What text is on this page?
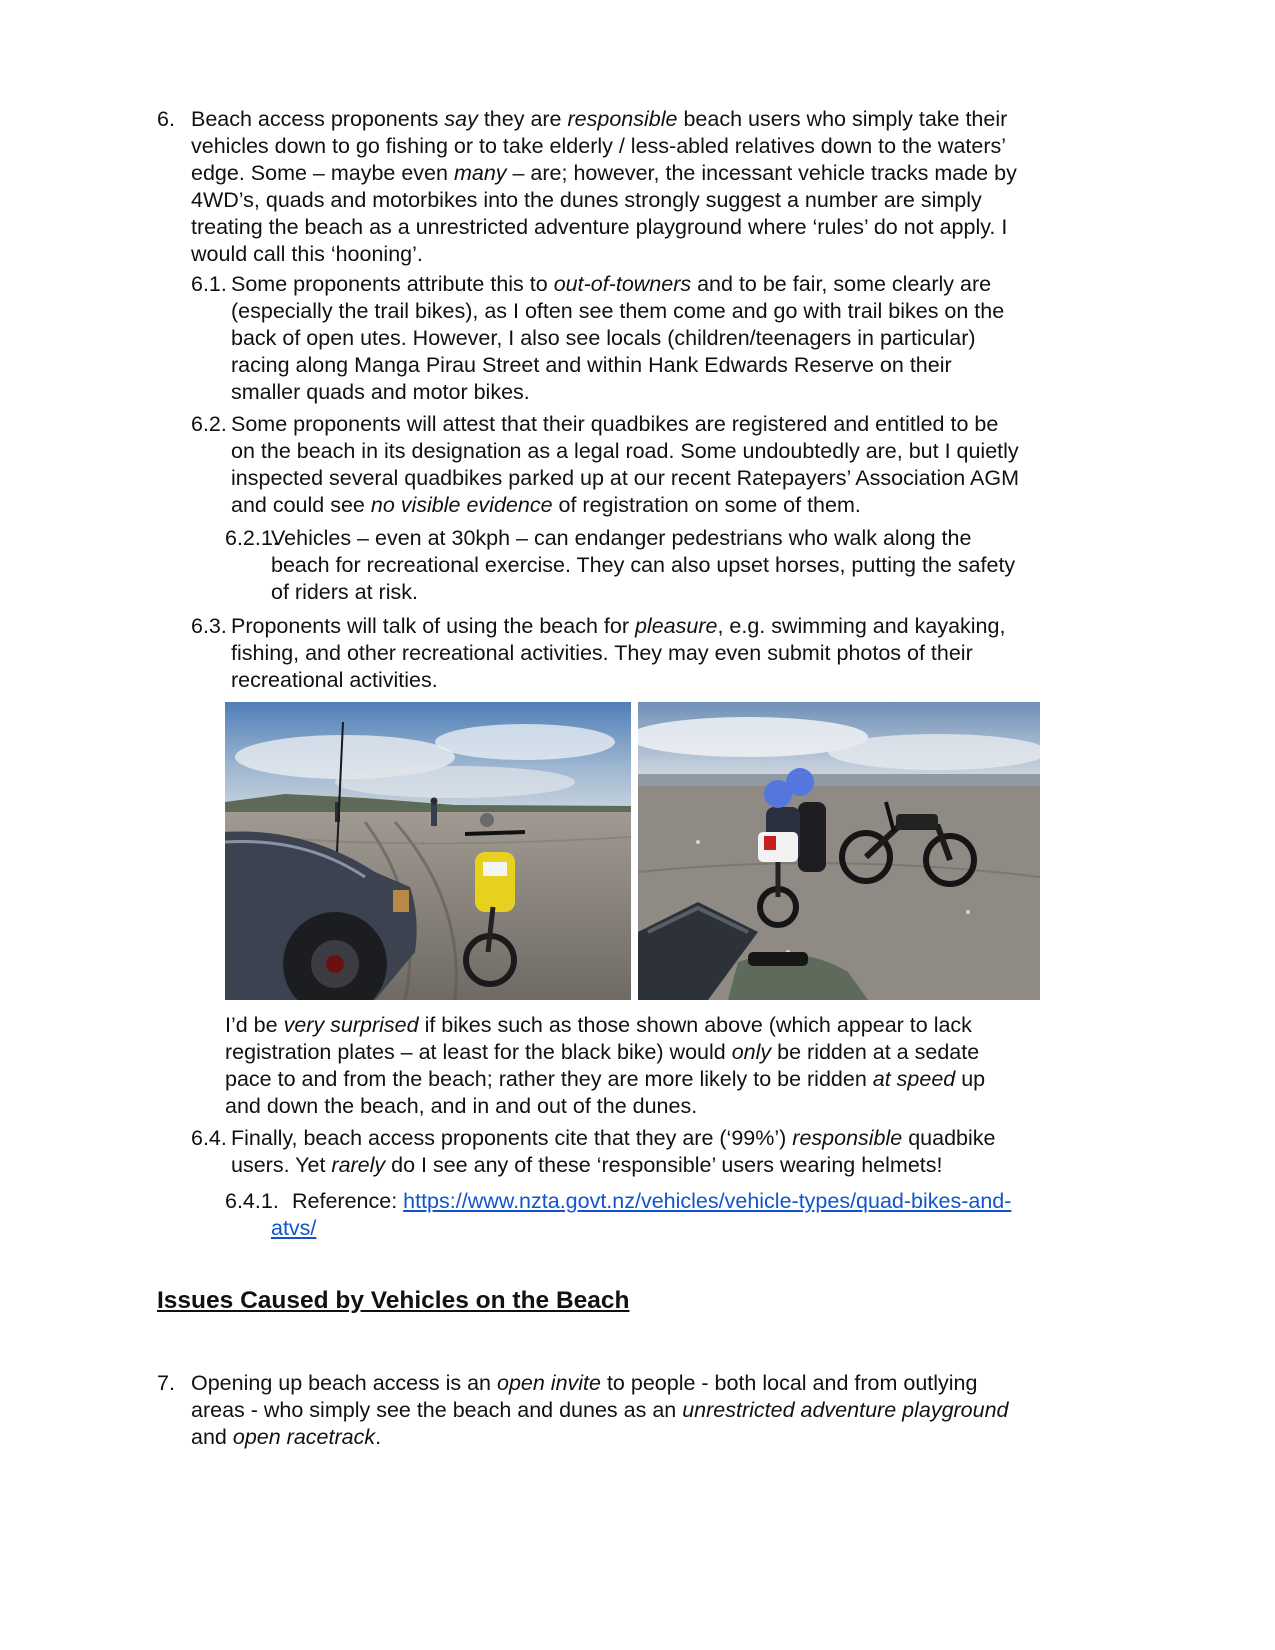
6. Beach access proponents say they are responsible beach users who simply take their
vehicles down to go fishing or to take elderly / less-abled relatives down to the waters’
edge. Some – maybe even many – are; however, the incessant vehicle tracks made by
4WD’s, quads and motorbikes into the dunes strongly suggest a number are simply
treating the beach as a unrestricted adventure playground where ‘rules’ do not apply. I
would call this ‘hooning’.
6.1. Some proponents attribute this to out-of-towners and to be fair, some clearly are
(especially the trail bikes), as I often see them come and go with trail bikes on the
back of open utes. However, I also see locals (children/teenagers in particular)
racing along Manga Pirau Street and within Hank Edwards Reserve on their
smaller quads and motor bikes.
6.2. Some proponents will attest that their quadbikes are registered and entitled to be
on the beach in its designation as a legal road. Some undoubtedly are, but I quietly
inspected several quadbikes parked up at our recent Ratepayers’ Association AGM
and could see no visible evidence of registration on some of them.
6.2.1.
Vehicles – even at 30kph – can endanger pedestrians who walk along the
beach for recreational exercise. They can also upset horses, putting the safety
of riders at risk.
6.3. Proponents will talk of using the beach for pleasure, e.g. swimming and kayaking,
fishing, and other recreational activities. They may even submit photos of their
recreational activities.
I’d be very surprised if bikes such as those shown above (which appear to lack
registration plates – at least for the black bike) would only be ridden at a sedate
pace to and from the beach; rather they are more likely to be ridden at speed up
and down the beach, and in and out of the dunes.
6.4. Finally, beach access proponents cite that they are (‘99%’) responsible quadbike
users. Yet rarely do I see any of these ‘responsible’ users wearing helmets!
6.4.1. Reference: https://www.nzta.govt.nz/vehicles/vehicle-types/quad-bikes-and-
atvs/
Issues Caused by Vehicles on the Beach
7. Opening up beach access is an open invite to people - both local and from outlying
areas - who simply see the beach and dunes as an unrestricted adventure playground
and open racetrack.
